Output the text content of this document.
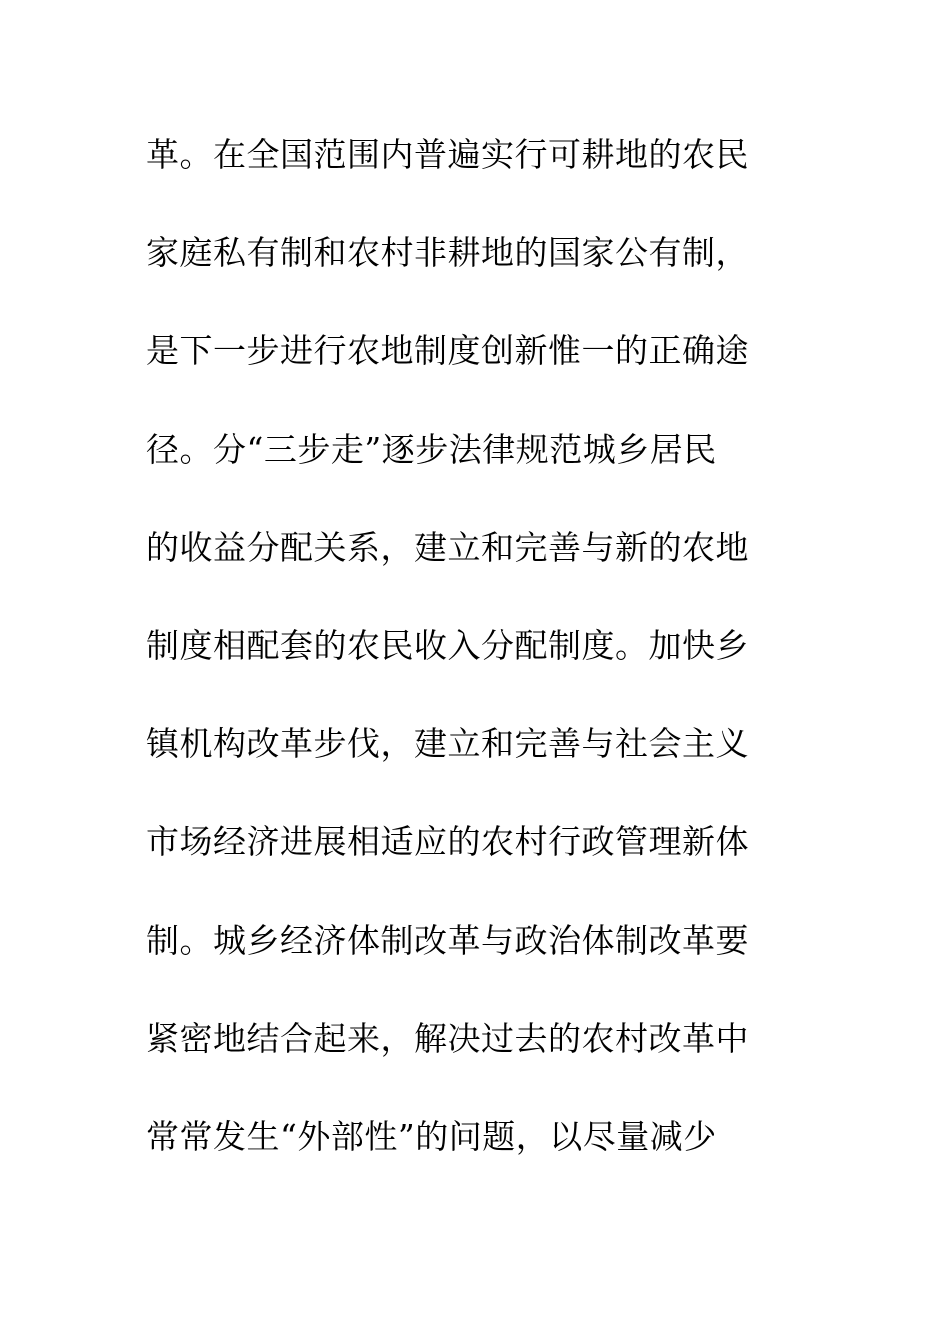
革。在全国范围内普遍实行可耕地的农民
家庭私有制和农村非耕地的国家公有制，
是下一步进行农地制度创新惟一的正确途
径。分“三步走”逐步法律规范城乡居民
的收益分配关系，建立和完善与新的农地
制度相配套的农民收入分配制度。加快乡
镇机构改革步伐，建立和完善与社会主义
市场经济进展相适应的农村行政管理新体
制。城乡经济体制改革与政治体制改革要
紧密地结合起来，解决过去的农村改革中
常常发生“外部性”的问题，以尽量减少
